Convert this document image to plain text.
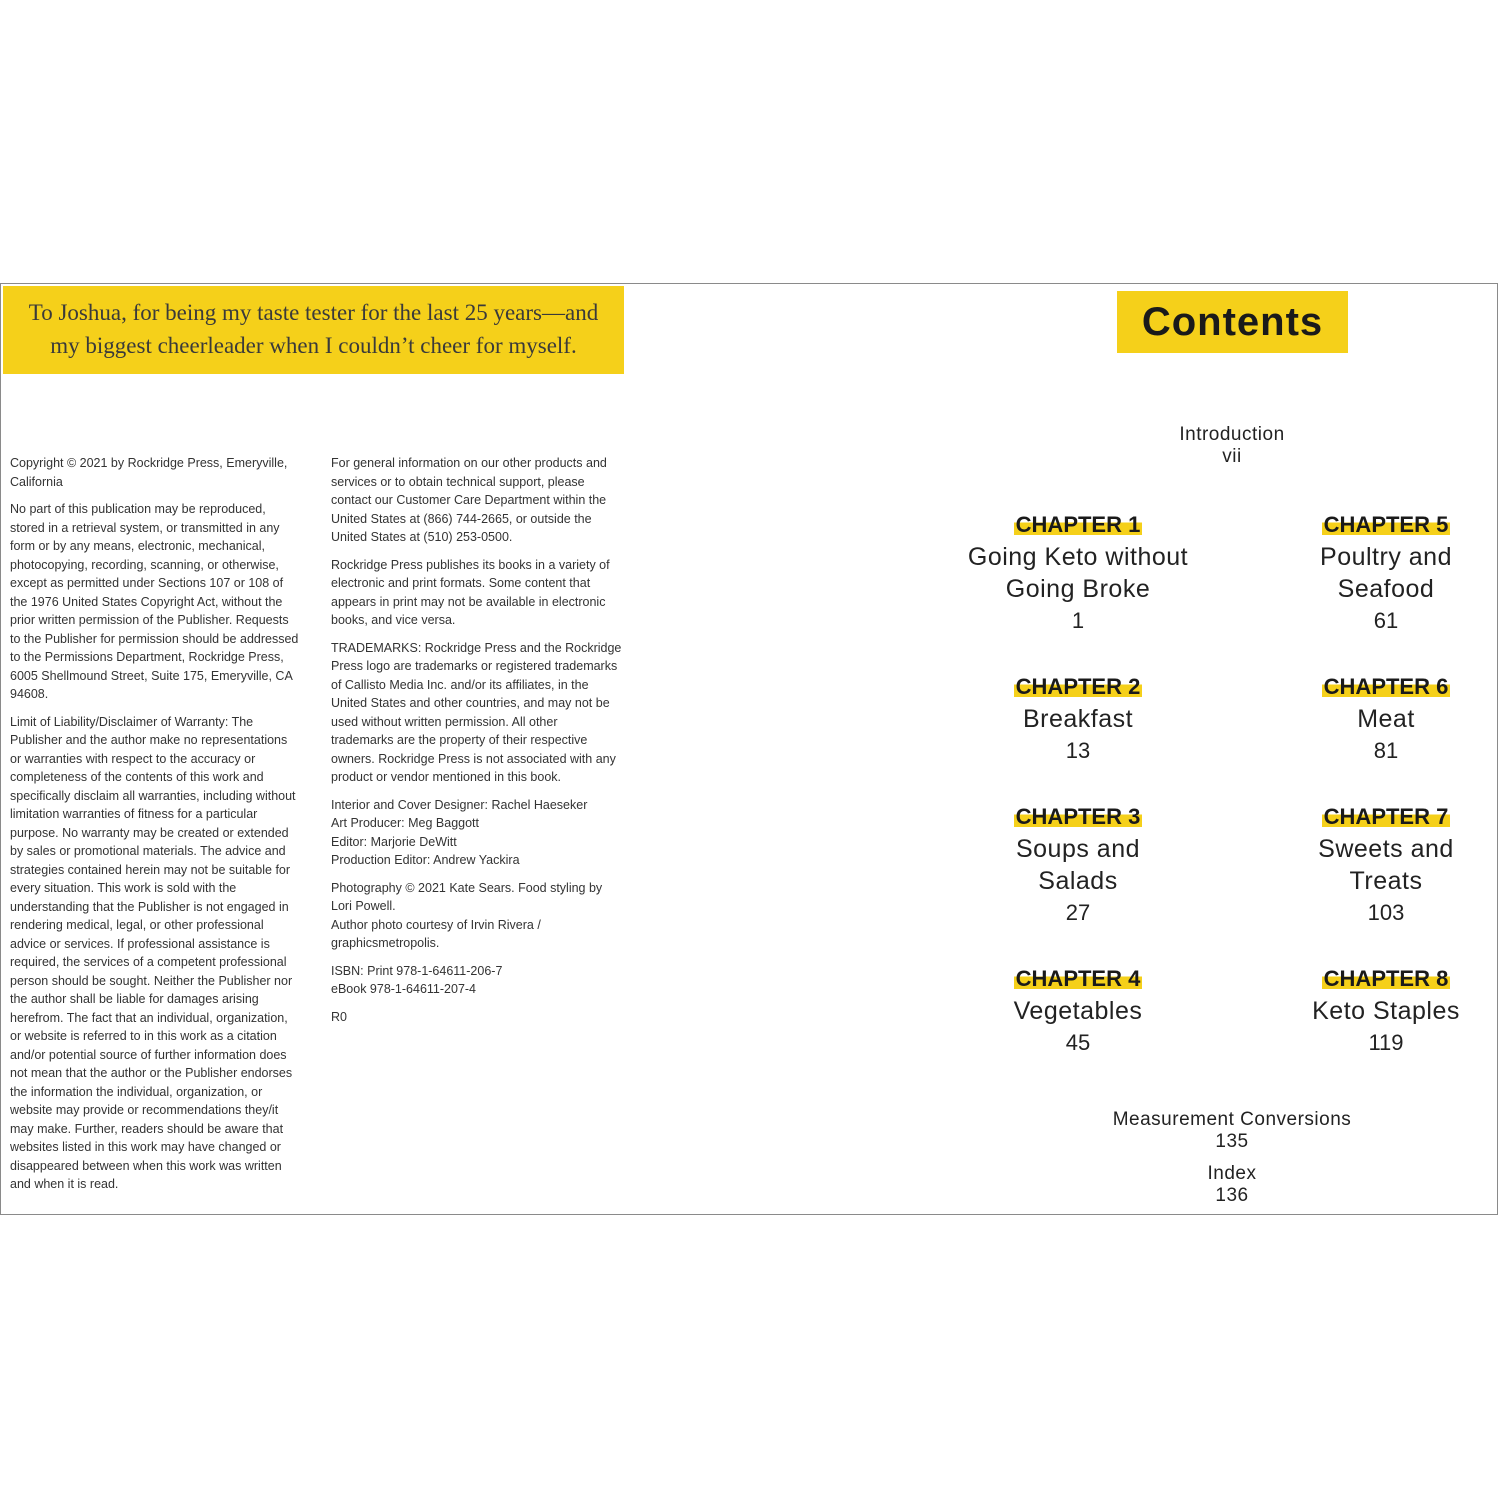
To Joshua, for being my taste tester for the last 25 years—and
my biggest cheerleader when I couldn’t cheer for myself.

Copyright © 2021 by Rockridge Press, Emeryville, California

No part of this publication may be reproduced, stored in a retrieval system, or transmitted in any form or by any means, electronic, mechanical, photocopying, recording, scanning, or otherwise, except as permitted under Sections 107 or 108 of the 1976 United States Copyright Act, without the prior written permission of the Publisher. Requests to the Publisher for permission should be addressed to the Permissions Department, Rockridge Press, 6005 Shellmound Street, Suite 175, Emeryville, CA 94608.

Limit of Liability/Disclaimer of Warranty: The Publisher and the author make no representations or warranties with respect to the accuracy or completeness of the contents of this work and specifically disclaim all warranties, including without limitation warranties of fitness for a particular purpose. No warranty may be created or extended by sales or promotional materials. The advice and strategies contained herein may not be suitable for every situation. This work is sold with the understanding that the Publisher is not engaged in rendering medical, legal, or other professional advice or services. If professional assistance is required, the services of a competent professional person should be sought. Neither the Publisher nor the author shall be liable for damages arising herefrom. The fact that an individual, organization, or website is referred to in this work as a citation and/or potential source of further information does not mean that the author or the Publisher endorses the information the individual, organization, or website may provide or recommendations they/it may make. Further, readers should be aware that websites listed in this work may have changed or disappeared between when this work was written and when it is read.

For general information on our other products and services or to obtain technical support, please contact our Customer Care Department within the United States at (866) 744-2665, or outside the United States at (510) 253-0500.

Rockridge Press publishes its books in a variety of electronic and print formats. Some content that appears in print may not be available in electronic books, and vice versa.

TRADEMARKS: Rockridge Press and the Rockridge Press logo are trademarks or registered trademarks of Callisto Media Inc. and/or its affiliates, in the United States and other countries, and may not be used without written permission. All other trademarks are the property of their respective owners. Rockridge Press is not associated with any product or vendor mentioned in this book.

Interior and Cover Designer: Rachel Haeseker
Art Producer: Meg Baggott
Editor: Marjorie DeWitt
Production Editor: Andrew Yackira

Photography © 2021 Kate Sears. Food styling by Lori Powell.
Author photo courtesy of Irvin Rivera / graphicsmetropolis.

ISBN: Print 978-1-64611-206-7
eBook 978-1-64611-207-4

R0

Contents
Introduction
vii
CHAPTER 1
Going Keto without
Going Broke
1
CHAPTER 2
Breakfast
13
CHAPTER 3
Soups and
Salads
27
CHAPTER 4
Vegetables
45
CHAPTER 5
Poultry and
Seafood
61
CHAPTER 6
Meat
81
CHAPTER 7
Sweets and
Treats
103
CHAPTER 8
Keto Staples
119
Measurement Conversions
135
Index
136
